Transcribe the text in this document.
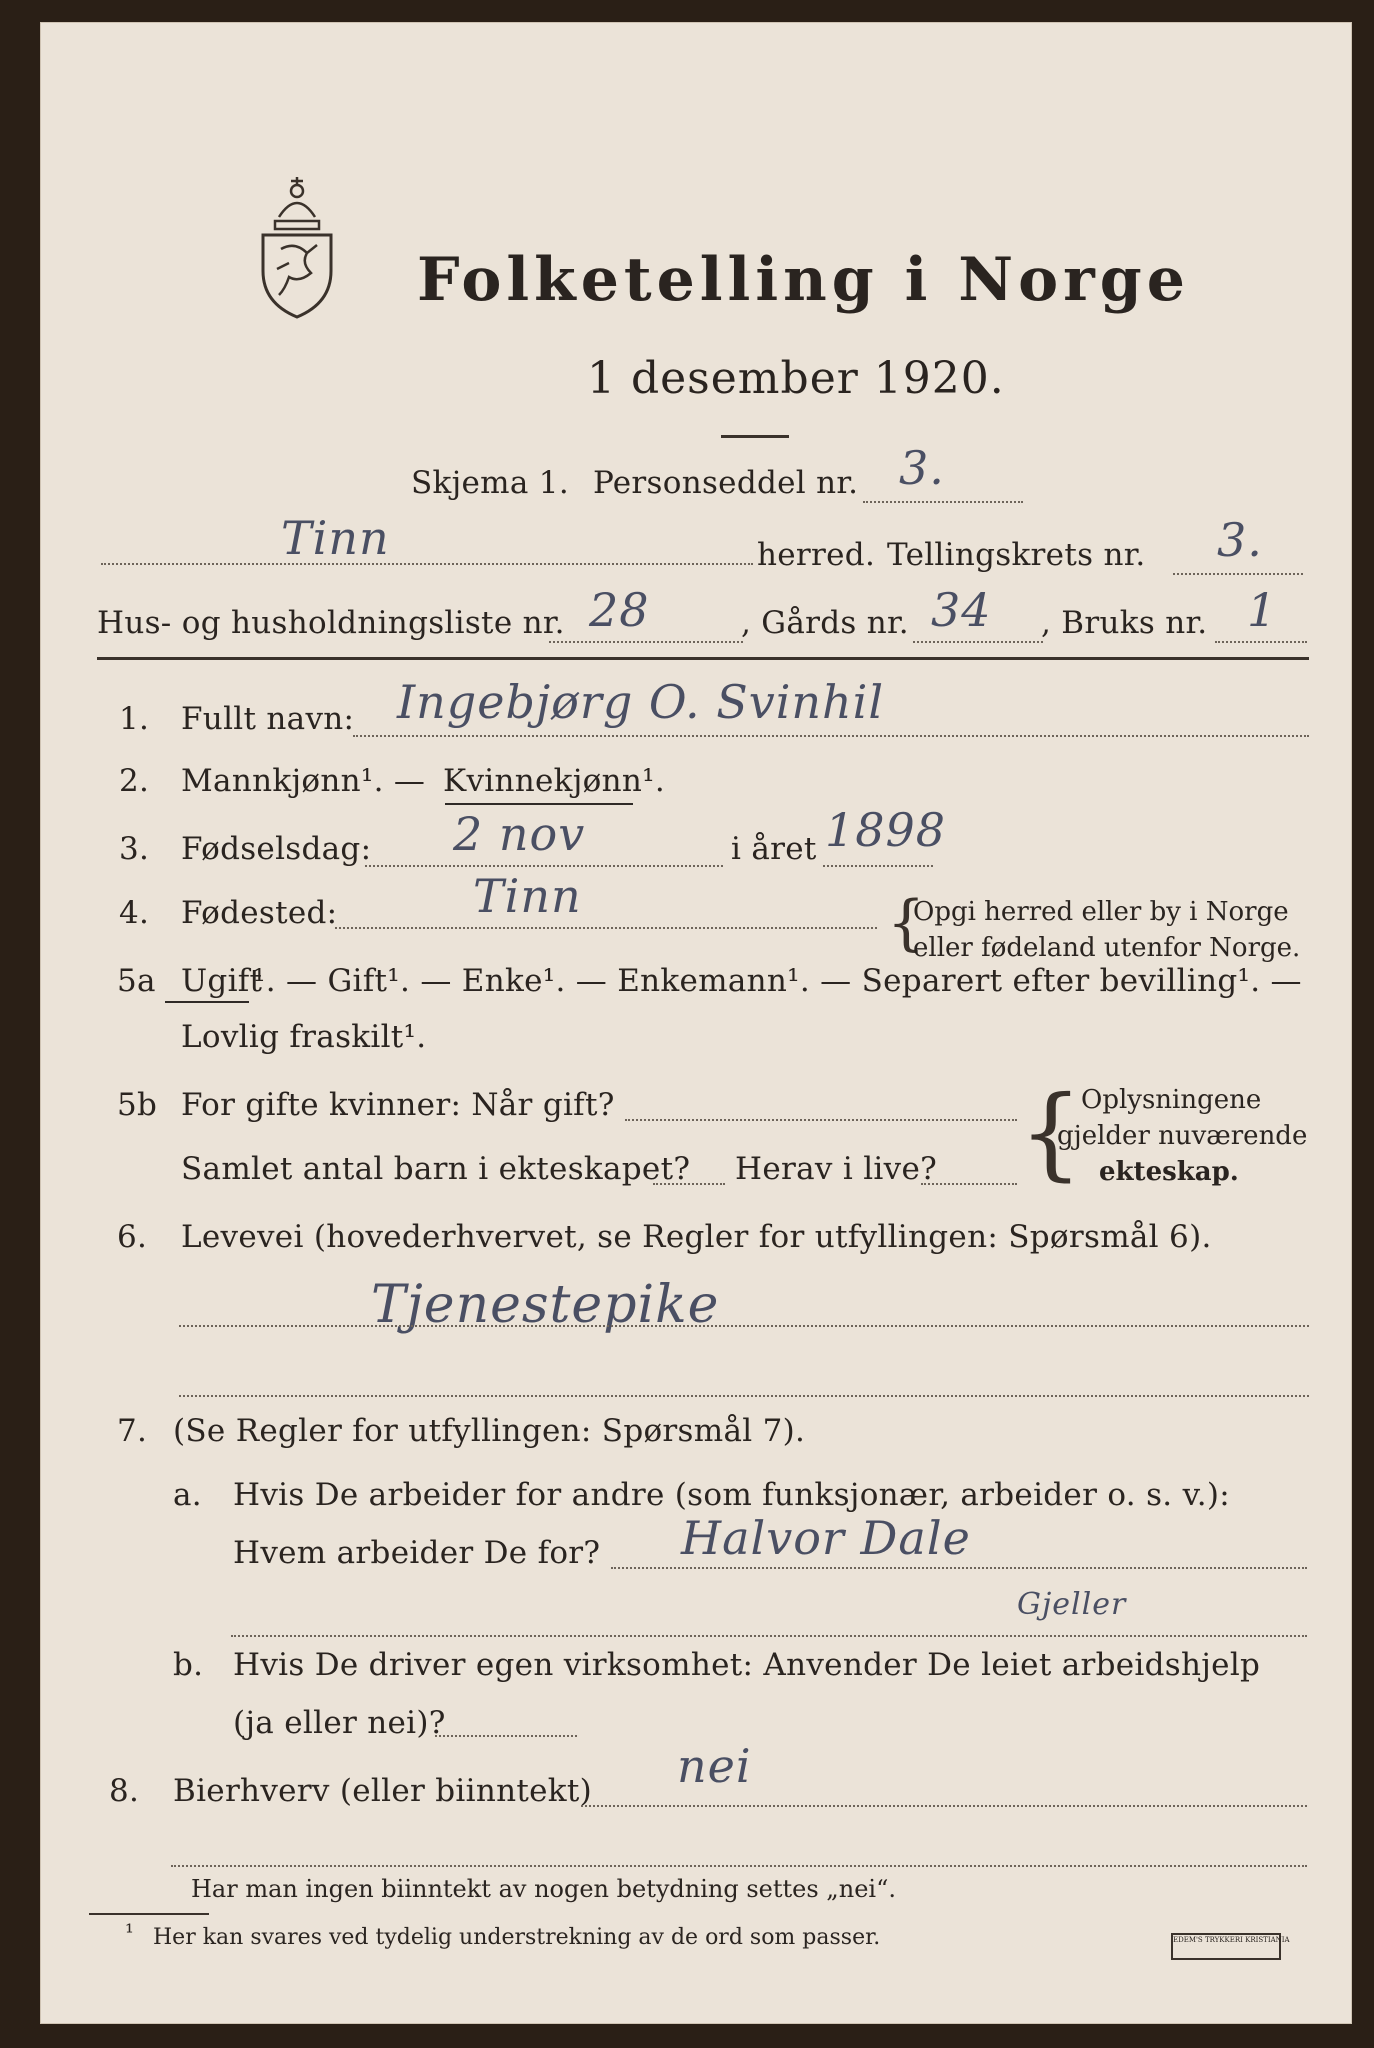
Folketelling i Norge
1 desember 1920.
Skjema 1. Personseddel nr. 3.
Tinn	herred. Tellingskrets nr. 3.
Hus- og husholdningsliste nr. 28	, Gårds nr. 34 , Bruks nr. 1
1. Fullt navn: Ingebjørg O. Svinhil
2. Mannkjønn¹. — Kvinnekjønn¹.
3. Fødselsdag: 2 nov	i året 1898
4. Fødested:	Tinn	{
Opgi herred eller by i Norge
eller fødeland utenfor Norge.
5a Ugift
¹. — Gift¹. — Enke¹. — Enkemann¹. — Separert efter bevilling¹. —
Lovlig fraskilt¹.
5b For gifte kvinner: Når gift?
Samlet antal barn i ekteskapet? Herav i live? {
Oplysningene
gjelder nuværende
ekteskap.
6. Levevei (hovederhvervet, se Regler for utfyllingen: Spørsmål 6).
Tjenestepike
7. (Se Regler for utfyllingen: Spørsmål 7).
a. Hvis De arbeider for andre (som funksjonær, arbeider o. s. v.):
Hvem arbeider De for? Halvor Dale
Gjeller
b. Hvis De driver egen virksomhet: Anvender De leiet arbeidshjelp
(ja eller nei)?
8. Bierhverv (eller biinntekt) nei
Har man ingen biinntekt av nogen betydning settes „nei“.
¹ Her kan svares ved tydelig understrekning av de ord som passer.	EDEM'S TRYKKERI KRISTIANIA
